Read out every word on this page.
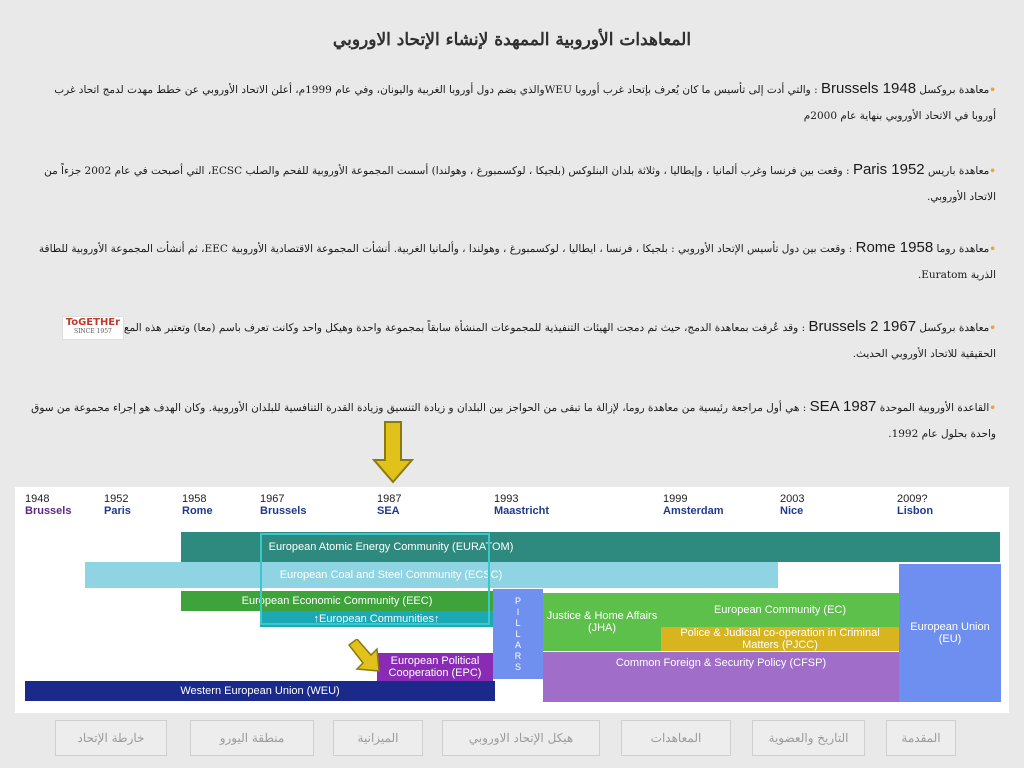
المعاهدات الأوروبية الممهدة لإنشاء الإتحاد الاوروبي
•معاهدة بروكسل Brussels 1948 : والتي أدت إلى تأسيس ما كان يُعرف بإتحاد غرب أوروبا WEUوالذي يضم دول أوروبا الغربية واليونان، وفي عام 1999م، أعلن الاتحاد الأوروبي عن خطط مهدت لدمج اتحاد غرب أوروبا في الاتحاد الأوروبي بنهاية عام 2000م
•معاهدة باريس Paris 1952 : وقعت بين فرنسا وغرب ألمانيا ، وإيطاليا ، وثلاثة بلدان البنلوكس (بلجيكا ، لوكسمبورغ ، وهولندا) أسست المجموعة الأوروبية للفحم والصلب ECSC، التي أصبحت في عام 2002 جزءاً من الاتحاد الأوروبي.
•معاهدة روما Rome 1958 : وقعت بين دول تأسيس الإتحاد الأوروبي : بلجيكا ، فرنسا ، ايطاليا ، لوكسمبورغ ، وهولندا ، وألمانيا الغربية. أنشأت المجموعة الاقتصادية الأوروبية EEC، ثم أنشأت المجموعة الأوروبية للطاقة الذرية Euratom.
•معاهدة بروكسل Brussels 2 1967 : وقد عُرفت بمعاهدة الدمج، حيث تم دمجت الهيئات التنفيذية للمجموعات المنشأة سابقاً بمجموعة واحدة وهيكل واحد وكانت تعرف باسم (معا) وتعتبر هذه المعToGETHEr
SINCE 1957
الحقيقية للاتحاد الأوروبي الحديث.
•القاعدة الأوروبية الموحدة SEA 1987 : هي أول مراجعة رئيسية من معاهدة روما، لإزالة ما تبقى من الحواجز بين البلدان و زيادة التنسيق وزيادة القدرة التنافسية للبلدان الأوروبية. وكان الهدف هو إجراء مجموعة من سوق واحدة بحلول عام 1992.
1948
Brussels
1952
Paris
1958
Rome
1967
Brussels
1987
SEA
1993
Maastricht
1999
Amsterdam
2003
Nice
2009?
Lisbon
European Atomic Energy Community (EURATOM)
European Coal and Steel Community (ECSC)
European Economic Community (EEC)
↑European Communities↑	PILLARS	Justice & Home Affairs (JHA)
European Community (EC)
Police & Judicial co-operation in Criminal Matters (PJCC)
Common Foreign & Security Policy (CFSP)
European Union (EU)
European Political Cooperation (EPC)
Western European Union (WEU)
المقدمة
التاريخ والعضوية
المعاهدات
هيكل الإتحاد الاوروبي
الميزانية
منطقة اليورو
خارطة الإتحاد
